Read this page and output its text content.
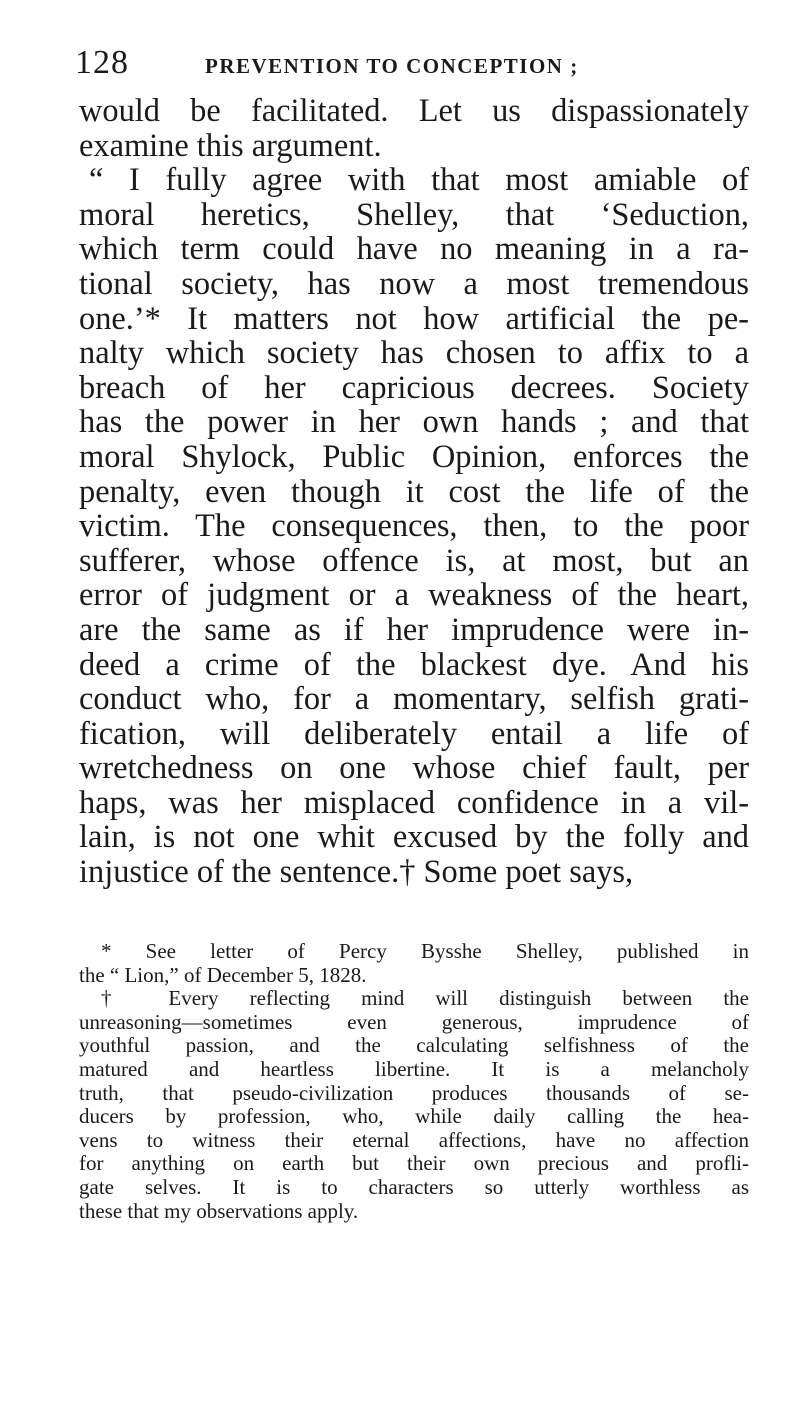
128	PREVENTION TO CONCEPTION ;
would be facilitated. Let us dispassionately
examine this argument.
“ I fully agree with that most amiable of
moral heretics, Shelley, that ‘Seduction,
which term could have no meaning in a ra-
tional society, has now a most tremendous
one.’* It matters not how artificial the pe-
nalty which society has chosen to affix to a
breach of her capricious decrees. Society
has the power in her own hands ; and that
moral Shylock, Public Opinion, enforces the
penalty, even though it cost the life of the
victim. The consequences, then, to the poor
sufferer, whose offence is, at most, but an
error of judgment or a weakness of the heart,
are the same as if her imprudence were in-
deed a crime of the blackest dye. And his
conduct who, for a momentary, selfish grati-
fication, will deliberately entail a life of
wretchedness on one whose chief fault, per
haps, was her misplaced confidence in a vil-
lain, is not one whit excused by the folly and
injustice of the sentence.† Some poet says,
* See letter of Percy Bysshe Shelley, published in
the “ Lion,” of December 5, 1828.
† Every reflecting mind will distinguish between the
unreasoning—sometimes even generous, imprudence of
youthful passion, and the calculating selfishness of the
matured and heartless libertine. It is a melancholy
truth, that pseudo-civilization produces thousands of se-
ducers by profession, who, while daily calling the hea-
vens to witness their eternal affections, have no affection
for anything on earth but their own precious and profli-
gate selves. It is to characters so utterly worthless as
these that my observations apply.
